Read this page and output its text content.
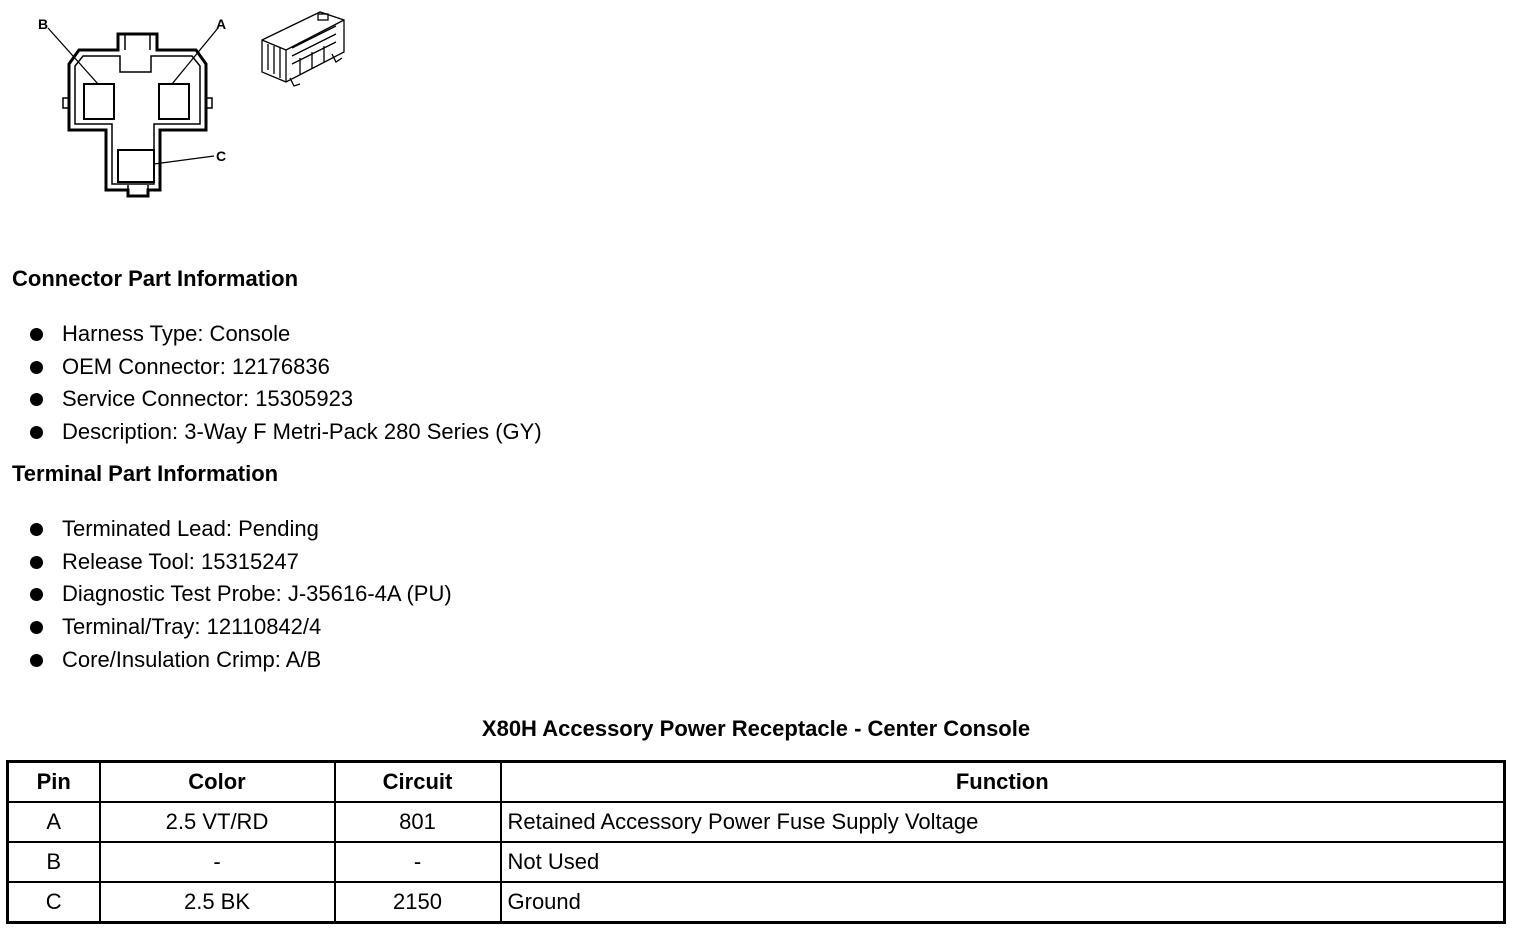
B	A
C
Connector Part Information
Harness Type: Console
OEM Connector: 12176836
Service Connector: 15305923
Description: 3-Way F Metri-Pack 280 Series (GY)
Terminal Part Information
Terminated Lead: Pending
Release Tool: 15315247
Diagnostic Test Probe: J-35616-4A (PU)
Terminal/Tray: 12110842/4
Core/Insulation Crimp: A/B
X80H Accessory Power Receptacle - Center Console
Pin	Color	Circuit	Function
A	2.5 VT/RD	801	Retained Accessory Power Fuse Supply Voltage
B	-	-	Not Used
C	2.5 BK	2150	Ground
